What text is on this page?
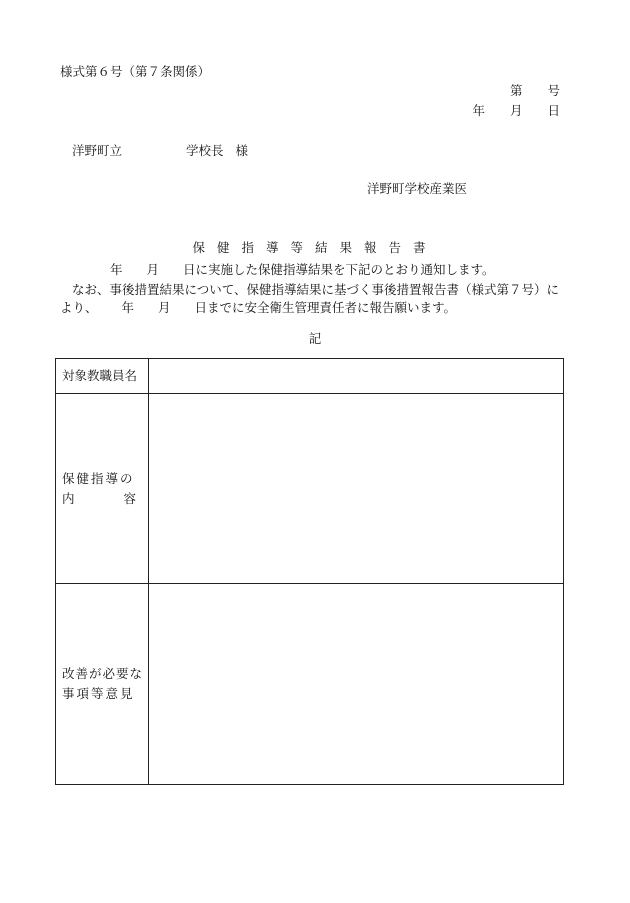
様式第６号（第７条関係）
第　　号
年　　月　　日
洋野町立	学校長 様
洋野町学校産業医
保健指導等結果報告書
年 月 日に実施した保健指導結果を下記のとおり通知します。
なお、事後措置結果について、保健指導結果に基づく事後措置報告書（様式第７号）に
より、 年 月 日までに安全衛生管理責任者に報告願います。
記
対象教職員名	

保健指導の
内 容	

改善が必要な
事項等意見	
